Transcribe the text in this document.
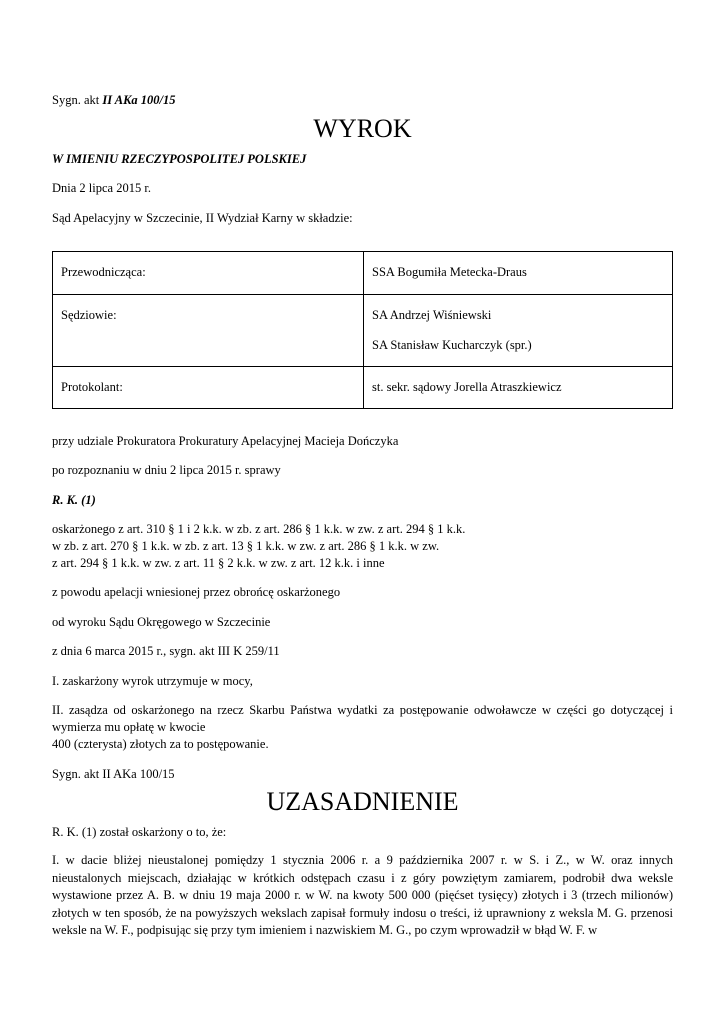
Sygn. akt II AKa 100/15
WYROK
W IMIENIU RZECZYPOSPOLITEJ POLSKIEJ
Dnia 2 lipca 2015 r.
Sąd Apelacyjny w Szczecinie, II Wydział Karny w składzie:
Przewodnicząca:	SSA Bogumiła Metecka-Draus
Sędziowie:	SA Andrzej Wiśniewski
SA Stanisław Kucharczyk (spr.)

Protokolant:	st. sekr. sądowy Jorella Atraszkiewicz
przy udziale Prokuratora Prokuratury Apelacyjnej Macieja Dończyka
po rozpoznaniu w dniu 2 lipca 2015 r. sprawy
R. K. (1)
oskarżonego z art. 310 § 1 i 2 k.k. w zb. z art. 286 § 1 k.k. w zw. z art. 294 § 1 k.k.
w zb. z art. 270 § 1 k.k. w zb. z art. 13 § 1 k.k. w zw. z art. 286 § 1 k.k. w zw.
z art. 294 § 1 k.k. w zw. z art. 11 § 2 k.k. w zw. z art. 12 k.k. i inne
z powodu apelacji wniesionej przez obrońcę oskarżonego
od wyroku Sądu Okręgowego w Szczecinie
z dnia 6 marca 2015 r., sygn. akt III K 259/11
I. zaskarżony wyrok utrzymuje w mocy,
II. zasądza od oskarżonego na rzecz Skarbu Państwa wydatki za postępowanie odwoławcze w części go dotyczącej i wymierza mu opłatę w kwocie
400 (czterysta) złotych za to postępowanie.
Sygn. akt II AKa 100/15
UZASADNIENIE
R. K. (1) został oskarżony o to, że:
I. w dacie bliżej nieustalonej pomiędzy 1 stycznia 2006 r. a 9 października 2007 r. w S. i Z., w W. oraz innych nieustalonych miejscach, działając w krótkich odstępach czasu i z góry powziętym zamiarem, podrobił dwa weksle wystawione przez A. B. w dniu 19 maja 2000 r. w W. na kwoty 500 000 (pięćset tysięcy) złotych i 3 (trzech milionów) złotych w ten sposób, że na powyższych wekslach zapisał formuły indosu o treści, iż uprawniony z weksla M. G. przenosi weksle na W. F., podpisując się przy tym imieniem i nazwiskiem M. G., po czym wprowadził w błąd W. F. w
